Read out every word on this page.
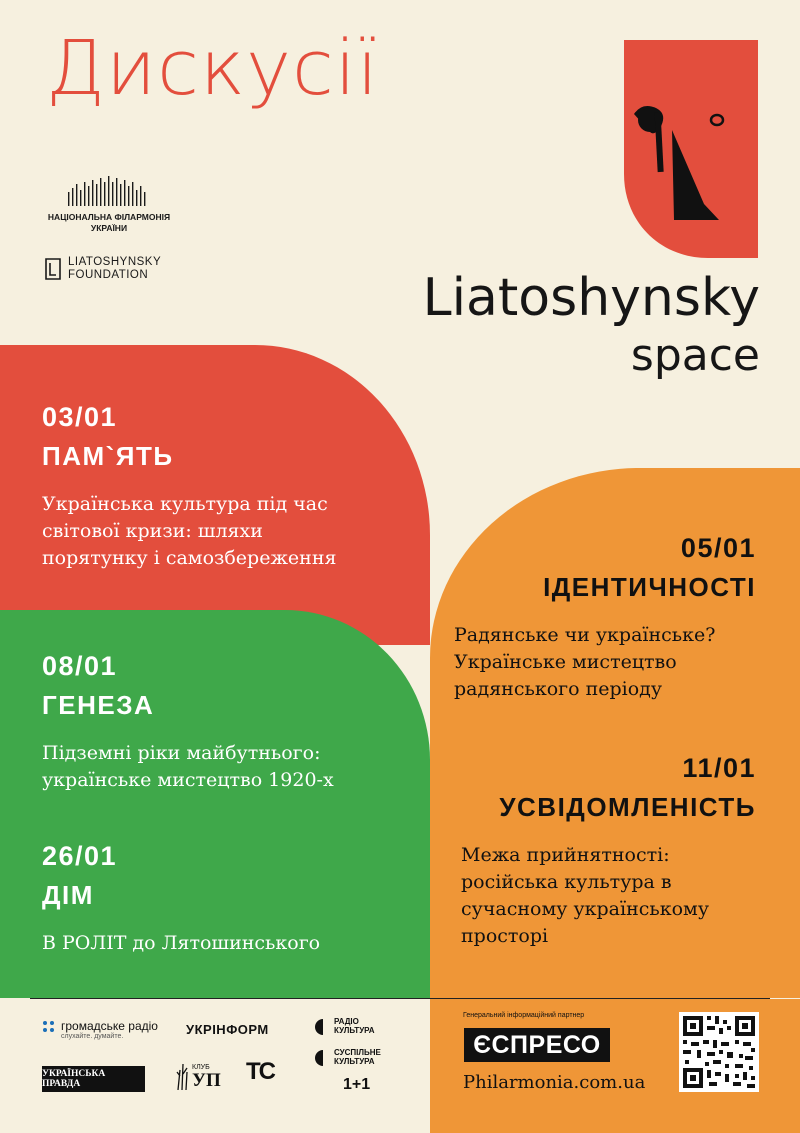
Дискусії
НАЦІОНАЛЬНА ФІЛАРМОНІЯ
УКРАЇНИ
LIATOSHYNSKY
FOUNDATION	Liatoshynsky
space
03/01
ПАМ`ЯТЬ
Українська культура під час
світової кризи: шляхи
порятунку і самозбереження
08/01
ГЕНЕЗА
Підземні ріки майбутнього:
українське мистецтво 1920-х
26/01
ДІМ
В РОЛІТ до Лятошинського
05/01
ІДЕНТИЧНОСТІ
Радянське чи українське?
Українське мистецтво
радянського періоду
11/01
УСВІДОМЛЕНІСТЬ
Межа прийнятності:
російська культура в
сучасному українському
просторі
громадське радіо
слухайте. думайте.	УКРІНФОРМ
РАДІО
КУЛЬТУРА
СУСПІЛЬНЕ
КУЛЬТУРА
1+1
УКРАЇНСЬКА ПРАВДА
КЛУБ
УП TC
Генеральний інформаційний партнер
ЄСПРЕСО
Philarmonia.com.ua
